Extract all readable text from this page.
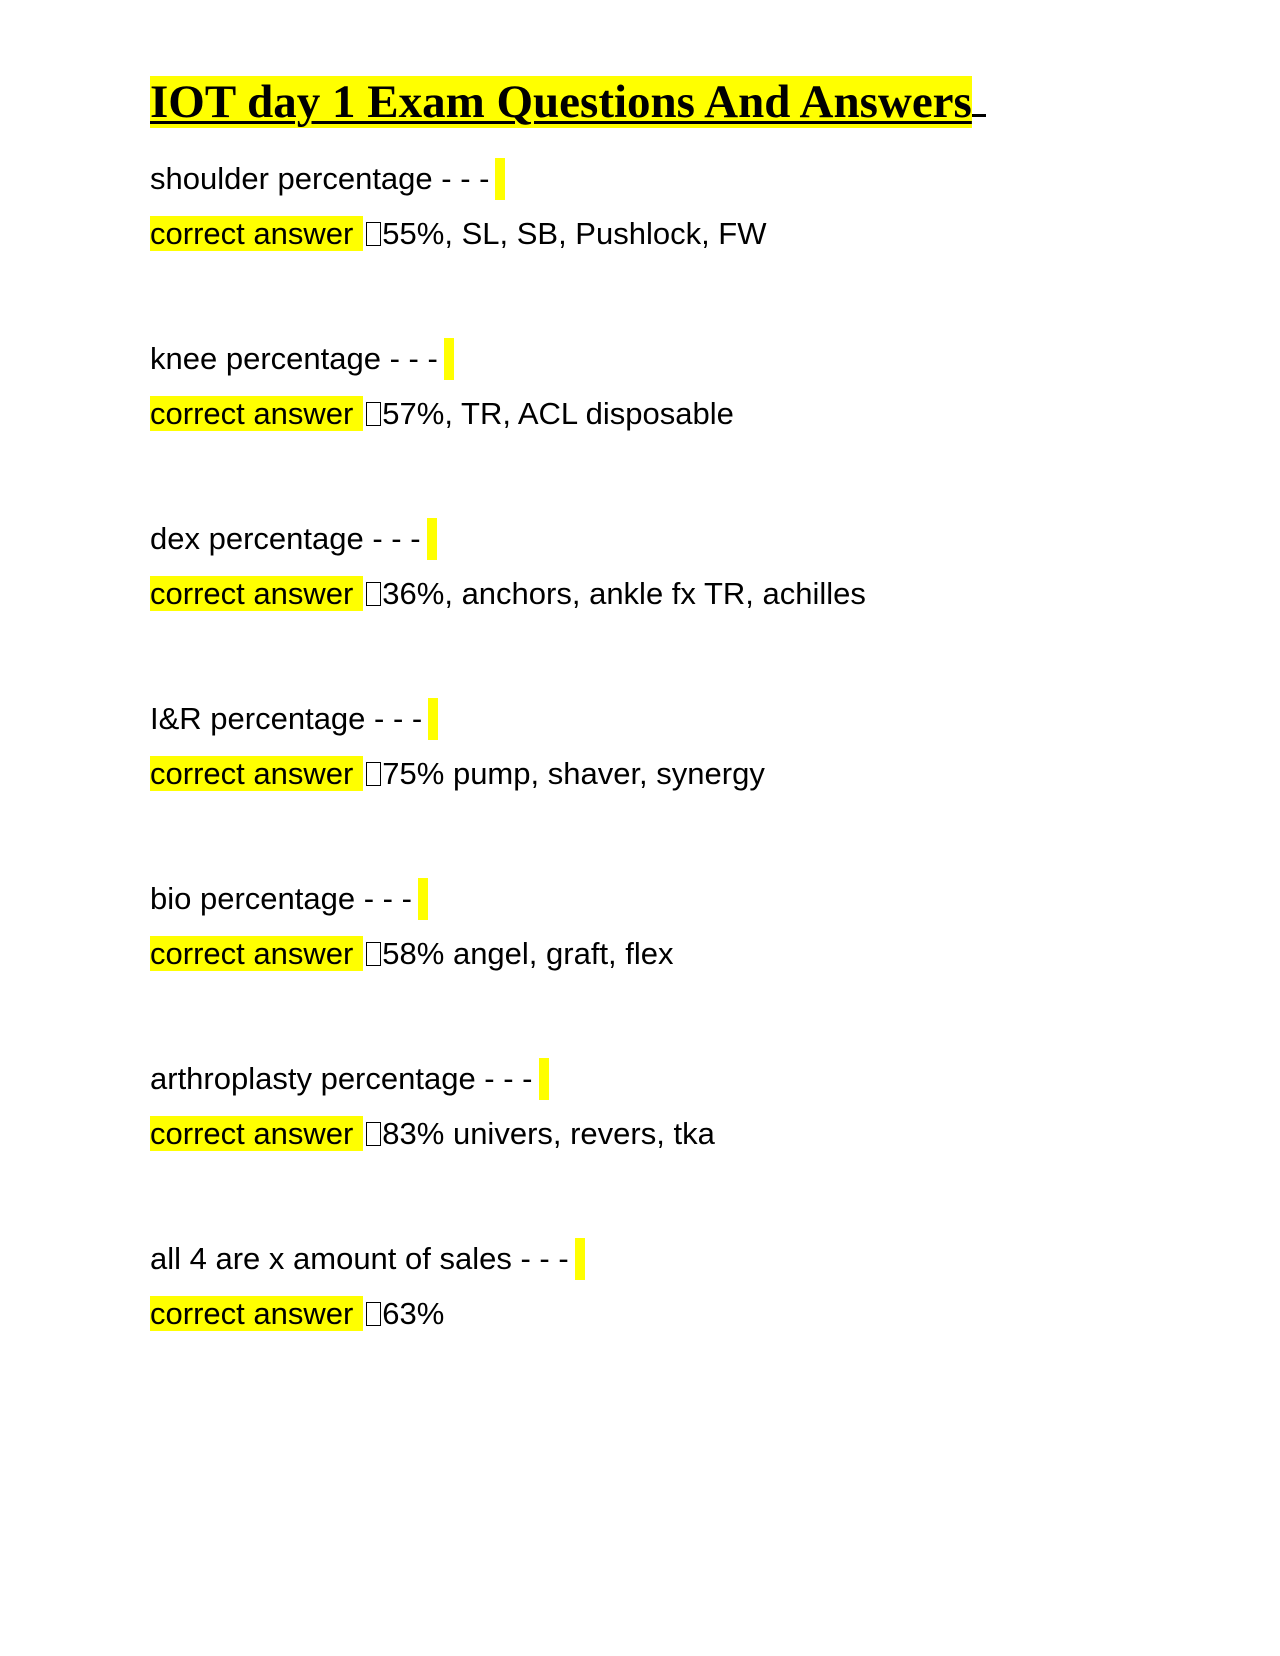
IOT day 1 Exam Questions And Answers
shoulder percentage - - -
correct answer 55%, SL, SB, Pushlock, FW
knee percentage - - -
correct answer 57%, TR, ACL disposable
dex percentage - - -
correct answer 36%, anchors, ankle fx TR, achilles
I&R percentage - - -
correct answer 75% pump, shaver, synergy
bio percentage - - -
correct answer 58% angel, graft, flex
arthroplasty percentage - - -
correct answer 83% univers, revers, tka
all 4 are x amount of sales - - -
correct answer 63%
